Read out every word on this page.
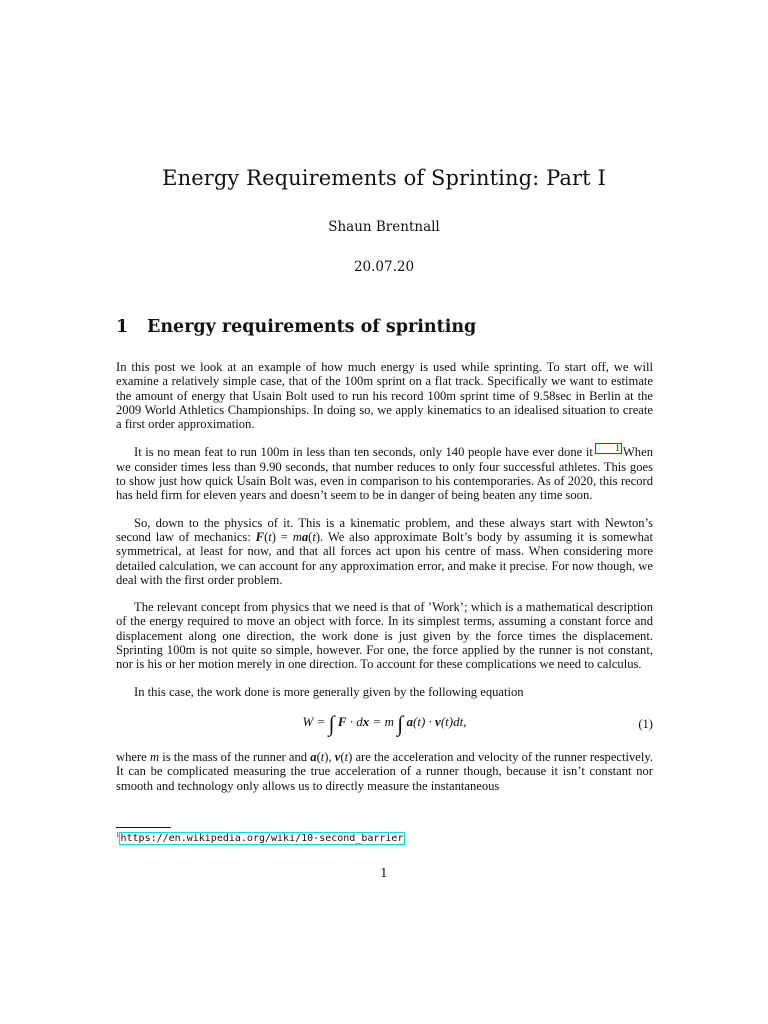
Energy Requirements of Sprinting: Part I
Shaun Brentnall
20.07.20
1 Energy requirements of sprinting

In this post we look at an example of how much energy is used while sprinting. To start off, we will examine a relatively simple case, that of the 100m sprint on a flat track. Specifically we want to estimate the amount of energy that Usain Bolt used to run his record 100m sprint time of 9.58sec in Berlin at the 2009 World Athletics Championships. In doing so, we apply kinematics to an idealised situation to create a first order approximation.

It is no mean feat to run 100m in less than ten seconds, only 140 people have ever done it	1 When we consider times less than 9.90 seconds, that number reduces to only four successful athletes. This goes to show just how quick Usain Bolt was, even in comparison to his contemporaries. As of 2020, this record has held firm for eleven years and doesn’t seem to be in danger of being beaten any time soon.

So, down to the physics of it. This is a kinematic problem, and these always start with Newton’s second law of mechanics: F(t) = ma(t). We also approximate Bolt’s body by assuming it is somewhat symmetrical, at least for now, and that all forces act upon his centre of mass. When considering more detailed calculation, we can account for any approximation error, and make it precise. For now though, we deal with the first order problem.

The relevant concept from physics that we need is that of ’Work’; which is a mathematical description of the energy required to move an object with force. In its simplest terms, assuming a constant force and displacement along one direction, the work done is just given by the force times the displacement. Sprinting 100m is not quite so simple, however. For one, the force applied by the runner is not constant, nor is his or her motion merely in one direction. To account for these complications we need to calculus.

In this case, the work done is more generally given by the following equation

W = ∫ F · dx = m ∫ a(t) · v(t)dt,	(1)

where m is the mass of the runner and a(t), v(t) are the acceleration and velocity of the runner respectively. It can be complicated measuring the true acceleration of a runner though, because it isn’t constant nor smooth and technology only allows us to directly measure the instantaneous

$^1$https://en.wikipedia.org/wiki/10-second_barrier
1
